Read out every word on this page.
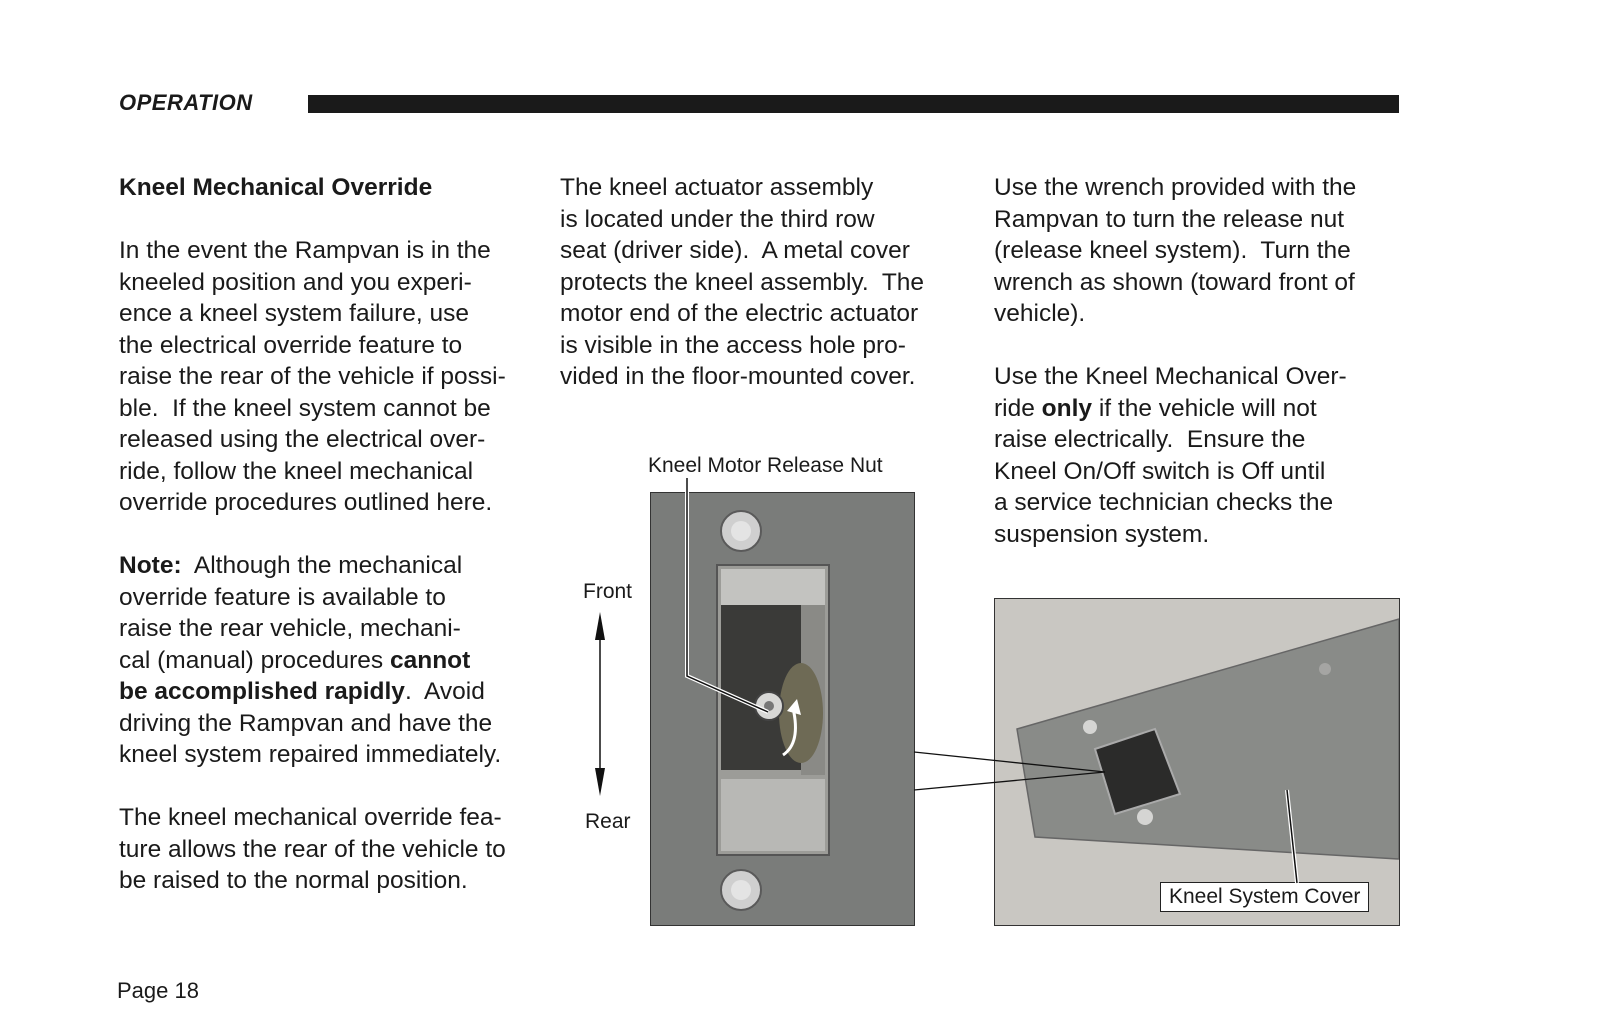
OPERATION
Kneel Mechanical Override
In the event the Rampvan is in the
kneeled position and you experi-
ence a kneel system failure, use
the electrical override feature to
raise the rear of the vehicle if possi-
ble.  If the kneel system cannot be
released using the electrical over-
ride, follow the kneel mechanical
override procedures outlined here.
Note:  Although the mechanical
override feature is available to
raise the rear vehicle, mechani-
cal (manual) procedures cannot
be accomplished rapidly.  Avoid
driving the Rampvan and have the
kneel system repaired immediately.
The kneel mechanical override fea-
ture allows the rear of the vehicle to
be raised to the normal position.
The kneel actuator assembly
is located under the third row
seat (driver side).  A metal cover
protects the kneel assembly.  The
motor end of the electric actuator
is visible in the access hole pro-
vided in the floor-mounted cover.
Use the wrench provided with the
Rampvan to turn the release nut
(release kneel system).  Turn the
wrench as shown (toward front of
vehicle).
Use the Kneel Mechanical Over-
ride only if the vehicle will not
raise electrically.  Ensure the
Kneel On/Off switch is Off until
a service technician checks the
suspension system.
Kneel Motor Release Nut
Front
Rear
Kneel System Cover
Page 18
